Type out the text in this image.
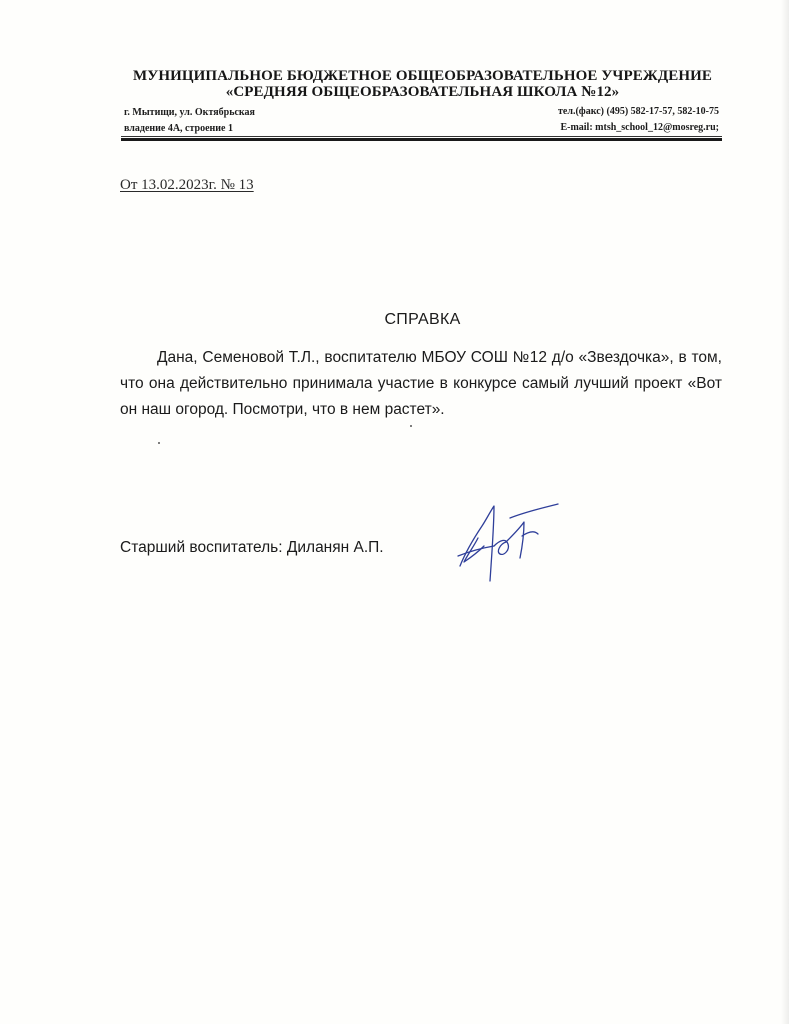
МУНИЦИПАЛЬНОЕ БЮДЖЕТНОЕ ОБЩЕОБРАЗОВАТЕЛЬНОЕ УЧРЕЖДЕНИЕ
«СРЕДНЯЯ ОБЩЕОБРАЗОВАТЕЛЬНАЯ ШКОЛА №12»
г. Мытищи, ул. Октябрьская
владение 4А, строение 1
тел.(факс) (495) 582-17-57, 582-10-75
E-mail: mtsh_school_12@mosreg.ru;
От 13.02.2023г. № 13
СПРАВКА
Дана, Семеновой Т.Л., воспитателю МБОУ СОШ №12 д/о «Звездочка», в том, что она действительно принимала участие в конкурсе самый лучший проект «Вот он наш огород. Посмотри, что в нем растет».
Старший воспитатель: Диланян А.П.
